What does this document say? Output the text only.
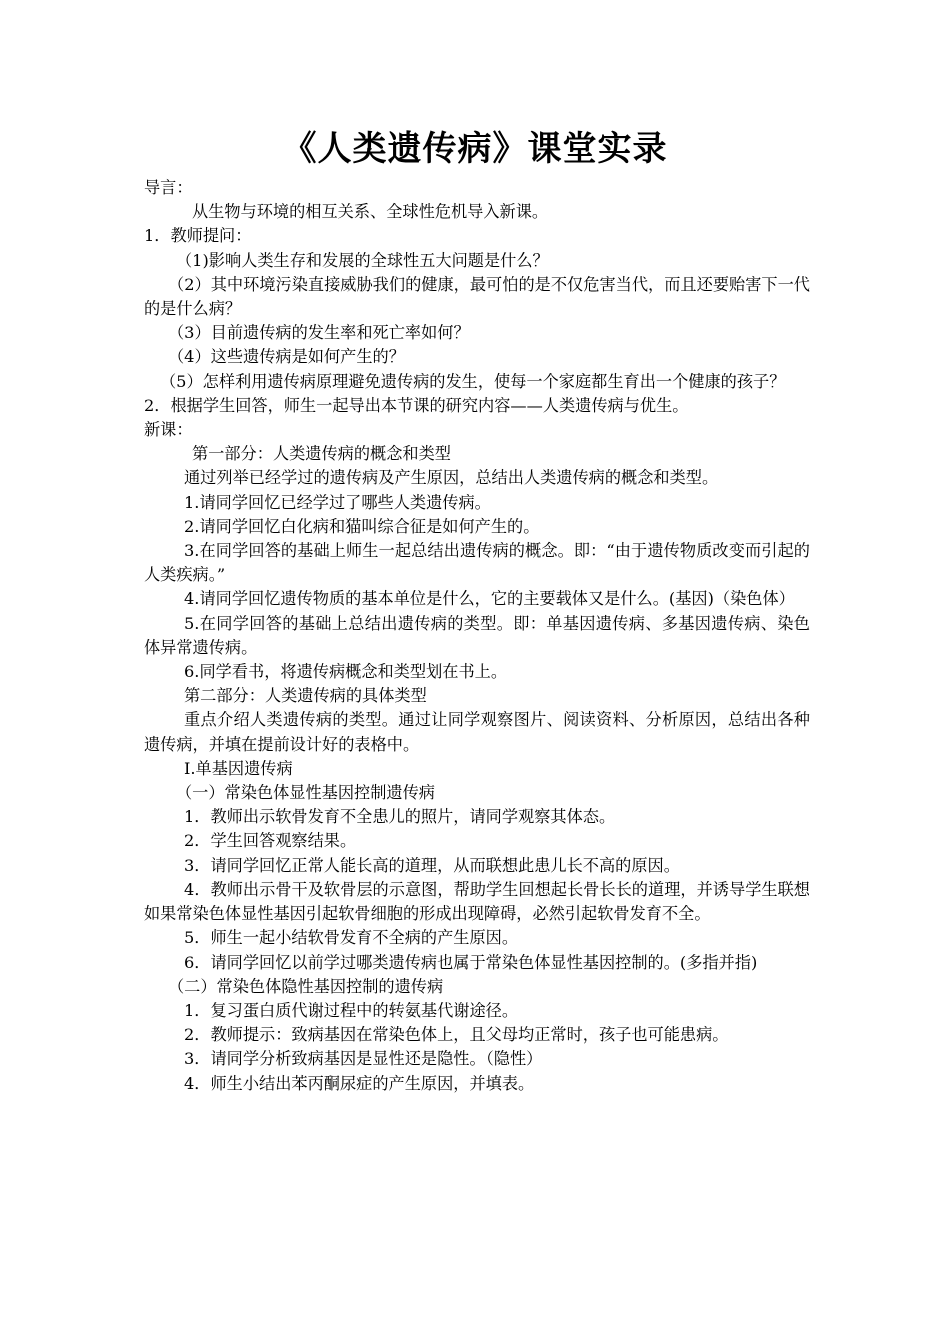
《人类遗传病》课堂实录

导言：

从生物与环境的相互关系、全球性危机导入新课。

1．教师提问：

（1)影响人类生存和发展的全球性五大问题是什么？

（2）其中环境污染直接威胁我们的健康，最可怕的是不仅危害当代，而且还要贻害下一代的是什么病？

（3）目前遗传病的发生率和死亡率如何？

（4）这些遗传病是如何产生的？

（5）怎样利用遗传病原理避免遗传病的发生，使每一个家庭都生育出一个健康的孩子？

2．根据学生回答，师生一起导出本节课的研究内容——人类遗传病与优生。

新课：

第一部分：人类遗传病的概念和类型

通过列举已经学过的遗传病及产生原因，总结出人类遗传病的概念和类型。

1.请同学回忆已经学过了哪些人类遗传病。

2.请同学回忆白化病和猫叫综合征是如何产生的。

3.在同学回答的基础上师生一起总结出遗传病的概念。即：“由于遗传物质改变而引起的人类疾病。”

4.请同学回忆遗传物质的基本单位是什么，它的主要载体又是什么。(基因)（染色体）

5.在同学回答的基础上总结出遗传病的类型。即：单基因遗传病、多基因遗传病、染色体异常遗传病。

6.同学看书，将遗传病概念和类型划在书上。

第二部分：人类遗传病的具体类型

重点介绍人类遗传病的类型。通过让同学观察图片、阅读资料、分析原因，总结出各种遗传病，并填在提前设计好的表格中。

I.单基因遗传病

（一）常染色体显性基因控制遗传病

1．教师出示软骨发育不全患儿的照片，请同学观察其体态。

2．学生回答观察结果。

3．请同学回忆正常人能长高的道理，从而联想此患儿长不高的原因。

4．教师出示骨干及软骨层的示意图，帮助学生回想起长骨长长的道理，并诱导学生联想如果常染色体显性基因引起软骨细胞的形成出现障碍，必然引起软骨发育不全。

5．师生一起小结软骨发育不全病的产生原因。

6．请同学回忆以前学过哪类遗传病也属于常染色体显性基因控制的。(多指并指)

（二）常染色体隐性基因控制的遗传病

1．复习蛋白质代谢过程中的转氨基代谢途径。

2．教师提示：致病基因在常染色体上，且父母均正常时，孩子也可能患病。

3．请同学分析致病基因是显性还是隐性。（隐性）

4．师生小结出苯丙酮尿症的产生原因，并填表。
